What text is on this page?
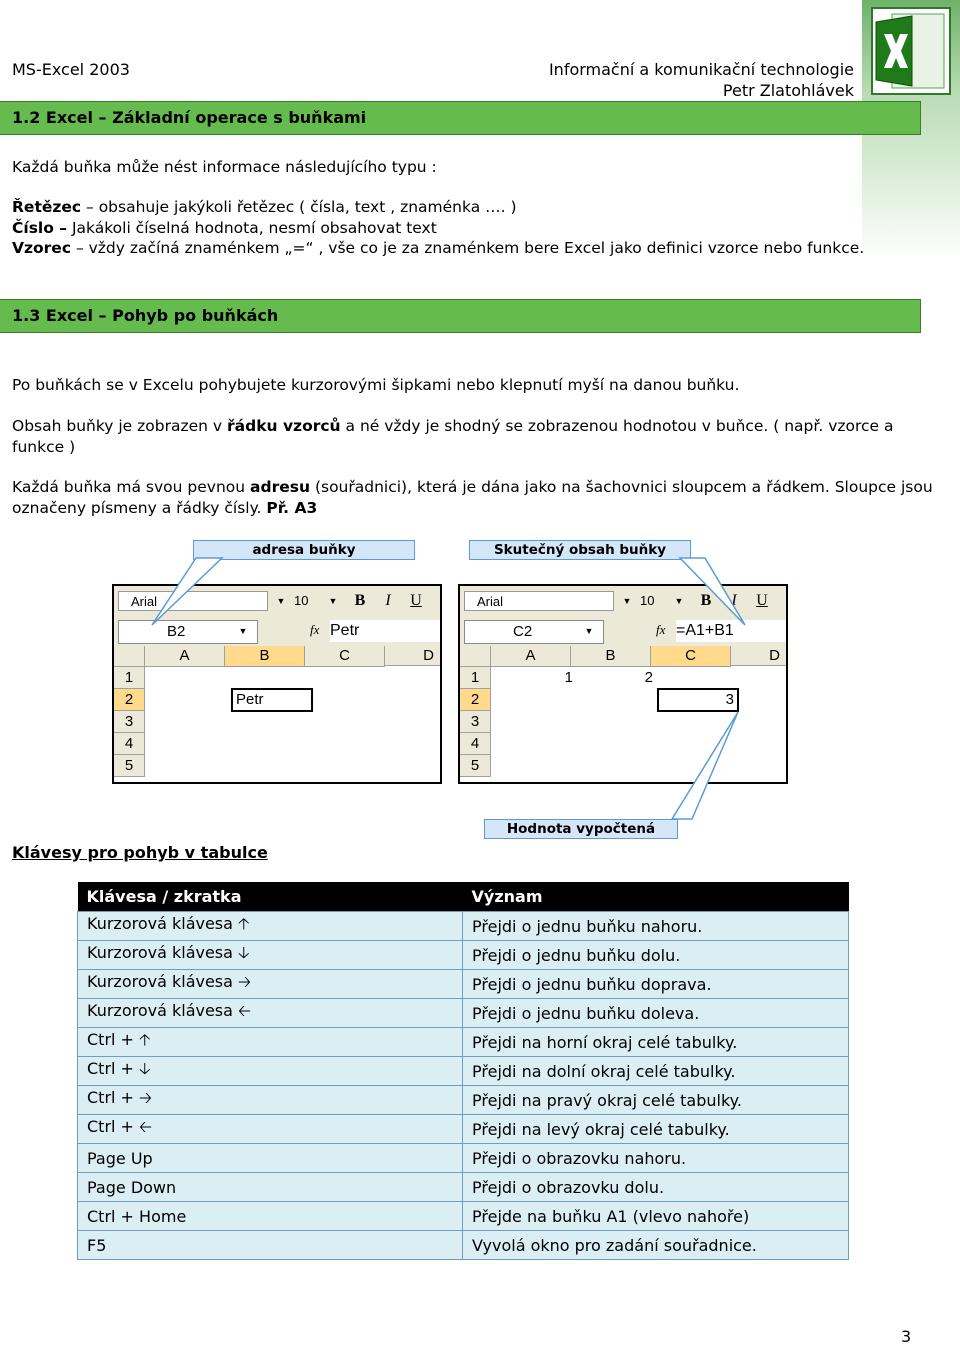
MS-Excel 2003	Informační a komunikační technologie
Petr Zlatohlávek
1.2 Excel – Základní operace s buňkami
Každá buňka může nést informace následujícího typu :
Řetězec – obsahuje jakýkoli řetězec ( čísla, text , znaménka …. )
Číslo – Jakákoli číselná hodnota, nesmí obsahovat text
Vzorec – vždy začíná znaménkem „=“ , vše co je za znaménkem bere Excel jako definici vzorce nebo funkce.
1.3 Excel – Pohyb po buňkách
Po buňkách se v Excelu pohybujete kurzorovými šipkami nebo klepnutí myší na danou buňku.
Obsah buňky je zobrazen v řádku vzorců a né vždy je shodný se zobrazenou hodnotou v buňce. ( např. vzorce a funkce )
Každá buňka má svou pevnou adresu (souřadnici), která je dána jako na šachovnici sloupcem a řádkem. Sloupce jsou označeny písmeny a řádky čísly. Př. A3
adresa buňky	Skutečný obsah buňky
Hodnota vypočtená
Arial	▼ 10	▼ B	I	U
B2	▼	fx Petr
A	B	C	D
1
2
3
4
5
Petr
Arial	▼ 10	▼ B	I	U
C2	▼	fx =A1+B1
A	B	C	D
1
2
3
4
5
1	2
3
Klávesy pro pohyb v tabulce
Klávesa / zkratka	Význam
Kurzorová klávesa 🡡	Přejdi o jednu buňku nahoru.
Kurzorová klávesa 🡣	Přejdi o jednu buňku dolu.
Kurzorová klávesa 🡢	Přejdi o jednu buňku doprava.
Kurzorová klávesa 🡠	Přejdi o jednu buňku doleva.
Ctrl + 🡡	Přejdi na horní okraj celé tabulky.
Ctrl + 🡣	Přejdi na dolní okraj celé tabulky.
Ctrl + 🡢	Přejdi na pravý okraj celé tabulky.
Ctrl + 🡠	Přejdi na levý okraj celé tabulky.
Page Up	Přejdi o obrazovku nahoru.
Page Down	Přejdi o obrazovku dolu.
Ctrl + Home	Přejde na buňku A1 (vlevo nahoře)
F5	Vyvolá okno pro zadání souřadnice.
3
